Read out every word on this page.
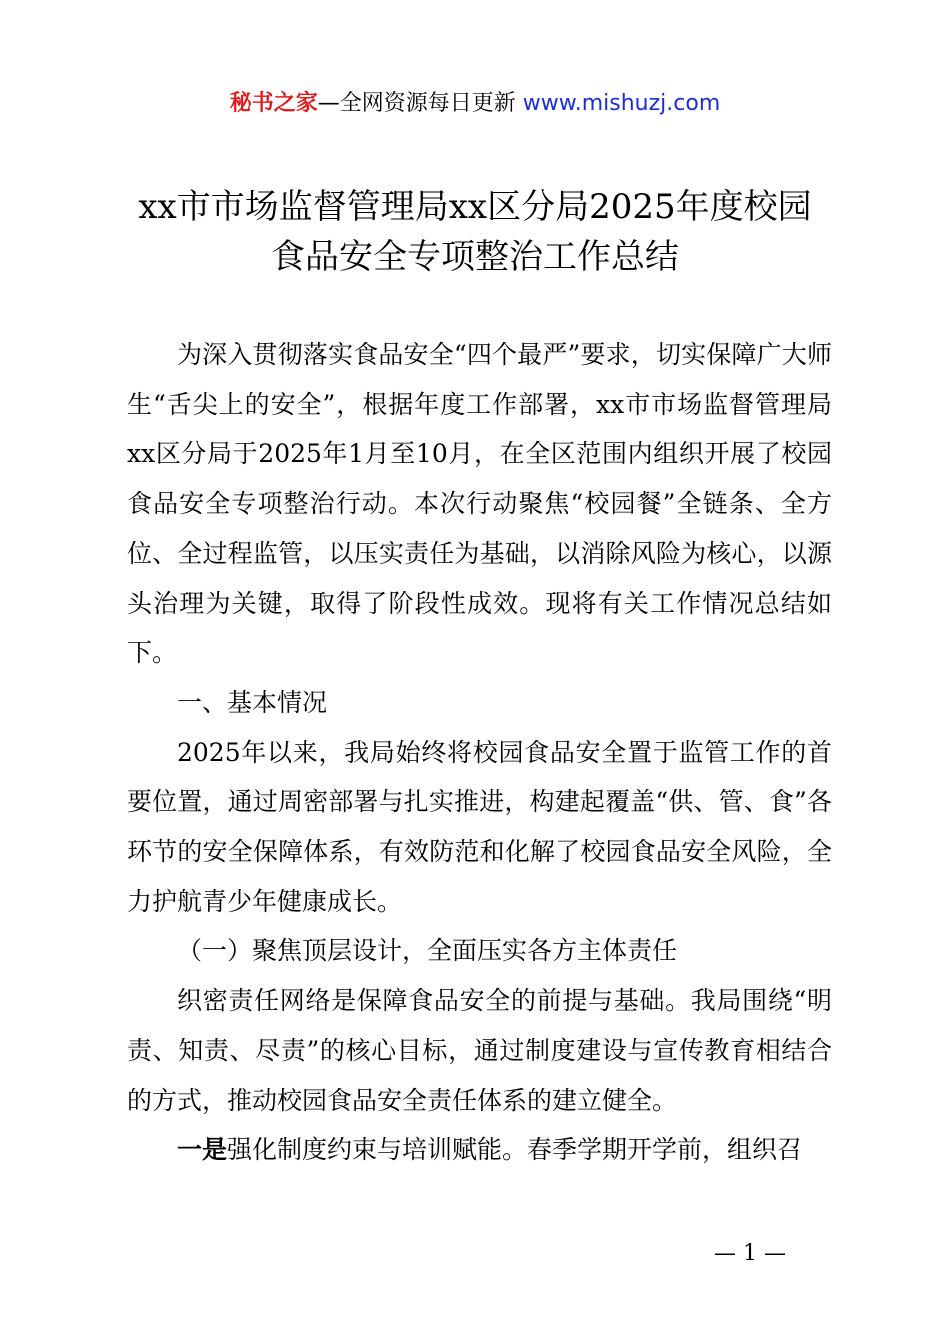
秘书之家—全网资源每日更新 www.mishuzj.com
xx市市场监督管理局xx区分局2025年度校园
食品安全专项整治工作总结

为深入贯彻落实食品安全“四个最严”要求，切实保障广大师生“舌尖上的安全”，根据年度工作部署，xx市市场监督管理局xx区分局于2025年1月至10月，在全区范围内组织开展了校园食品安全专项整治行动。本次行动聚焦“校园餐”全链条、全方位、全过程监管，以压实责任为基础，以消除风险为核心，以源头治理为关键，取得了阶段性成效。现将有关工作情况总结如下。

一、基本情况

2025年以来，我局始终将校园食品安全置于监管工作的首要位置，通过周密部署与扎实推进，构建起覆盖“供、管、食”各环节的安全保障体系，有效防范和化解了校园食品安全风险，全力护航青少年健康成长。

（一）聚焦顶层设计，全面压实各方主体责任

织密责任网络是保障食品安全的前提与基础。我局围绕“明责、知责、尽责”的核心目标，通过制度建设与宣传教育相结合的方式，推动校园食品安全责任体系的建立健全。

一是强化制度约束与培训赋能。春季学期开学前，组织召

— 1 —
